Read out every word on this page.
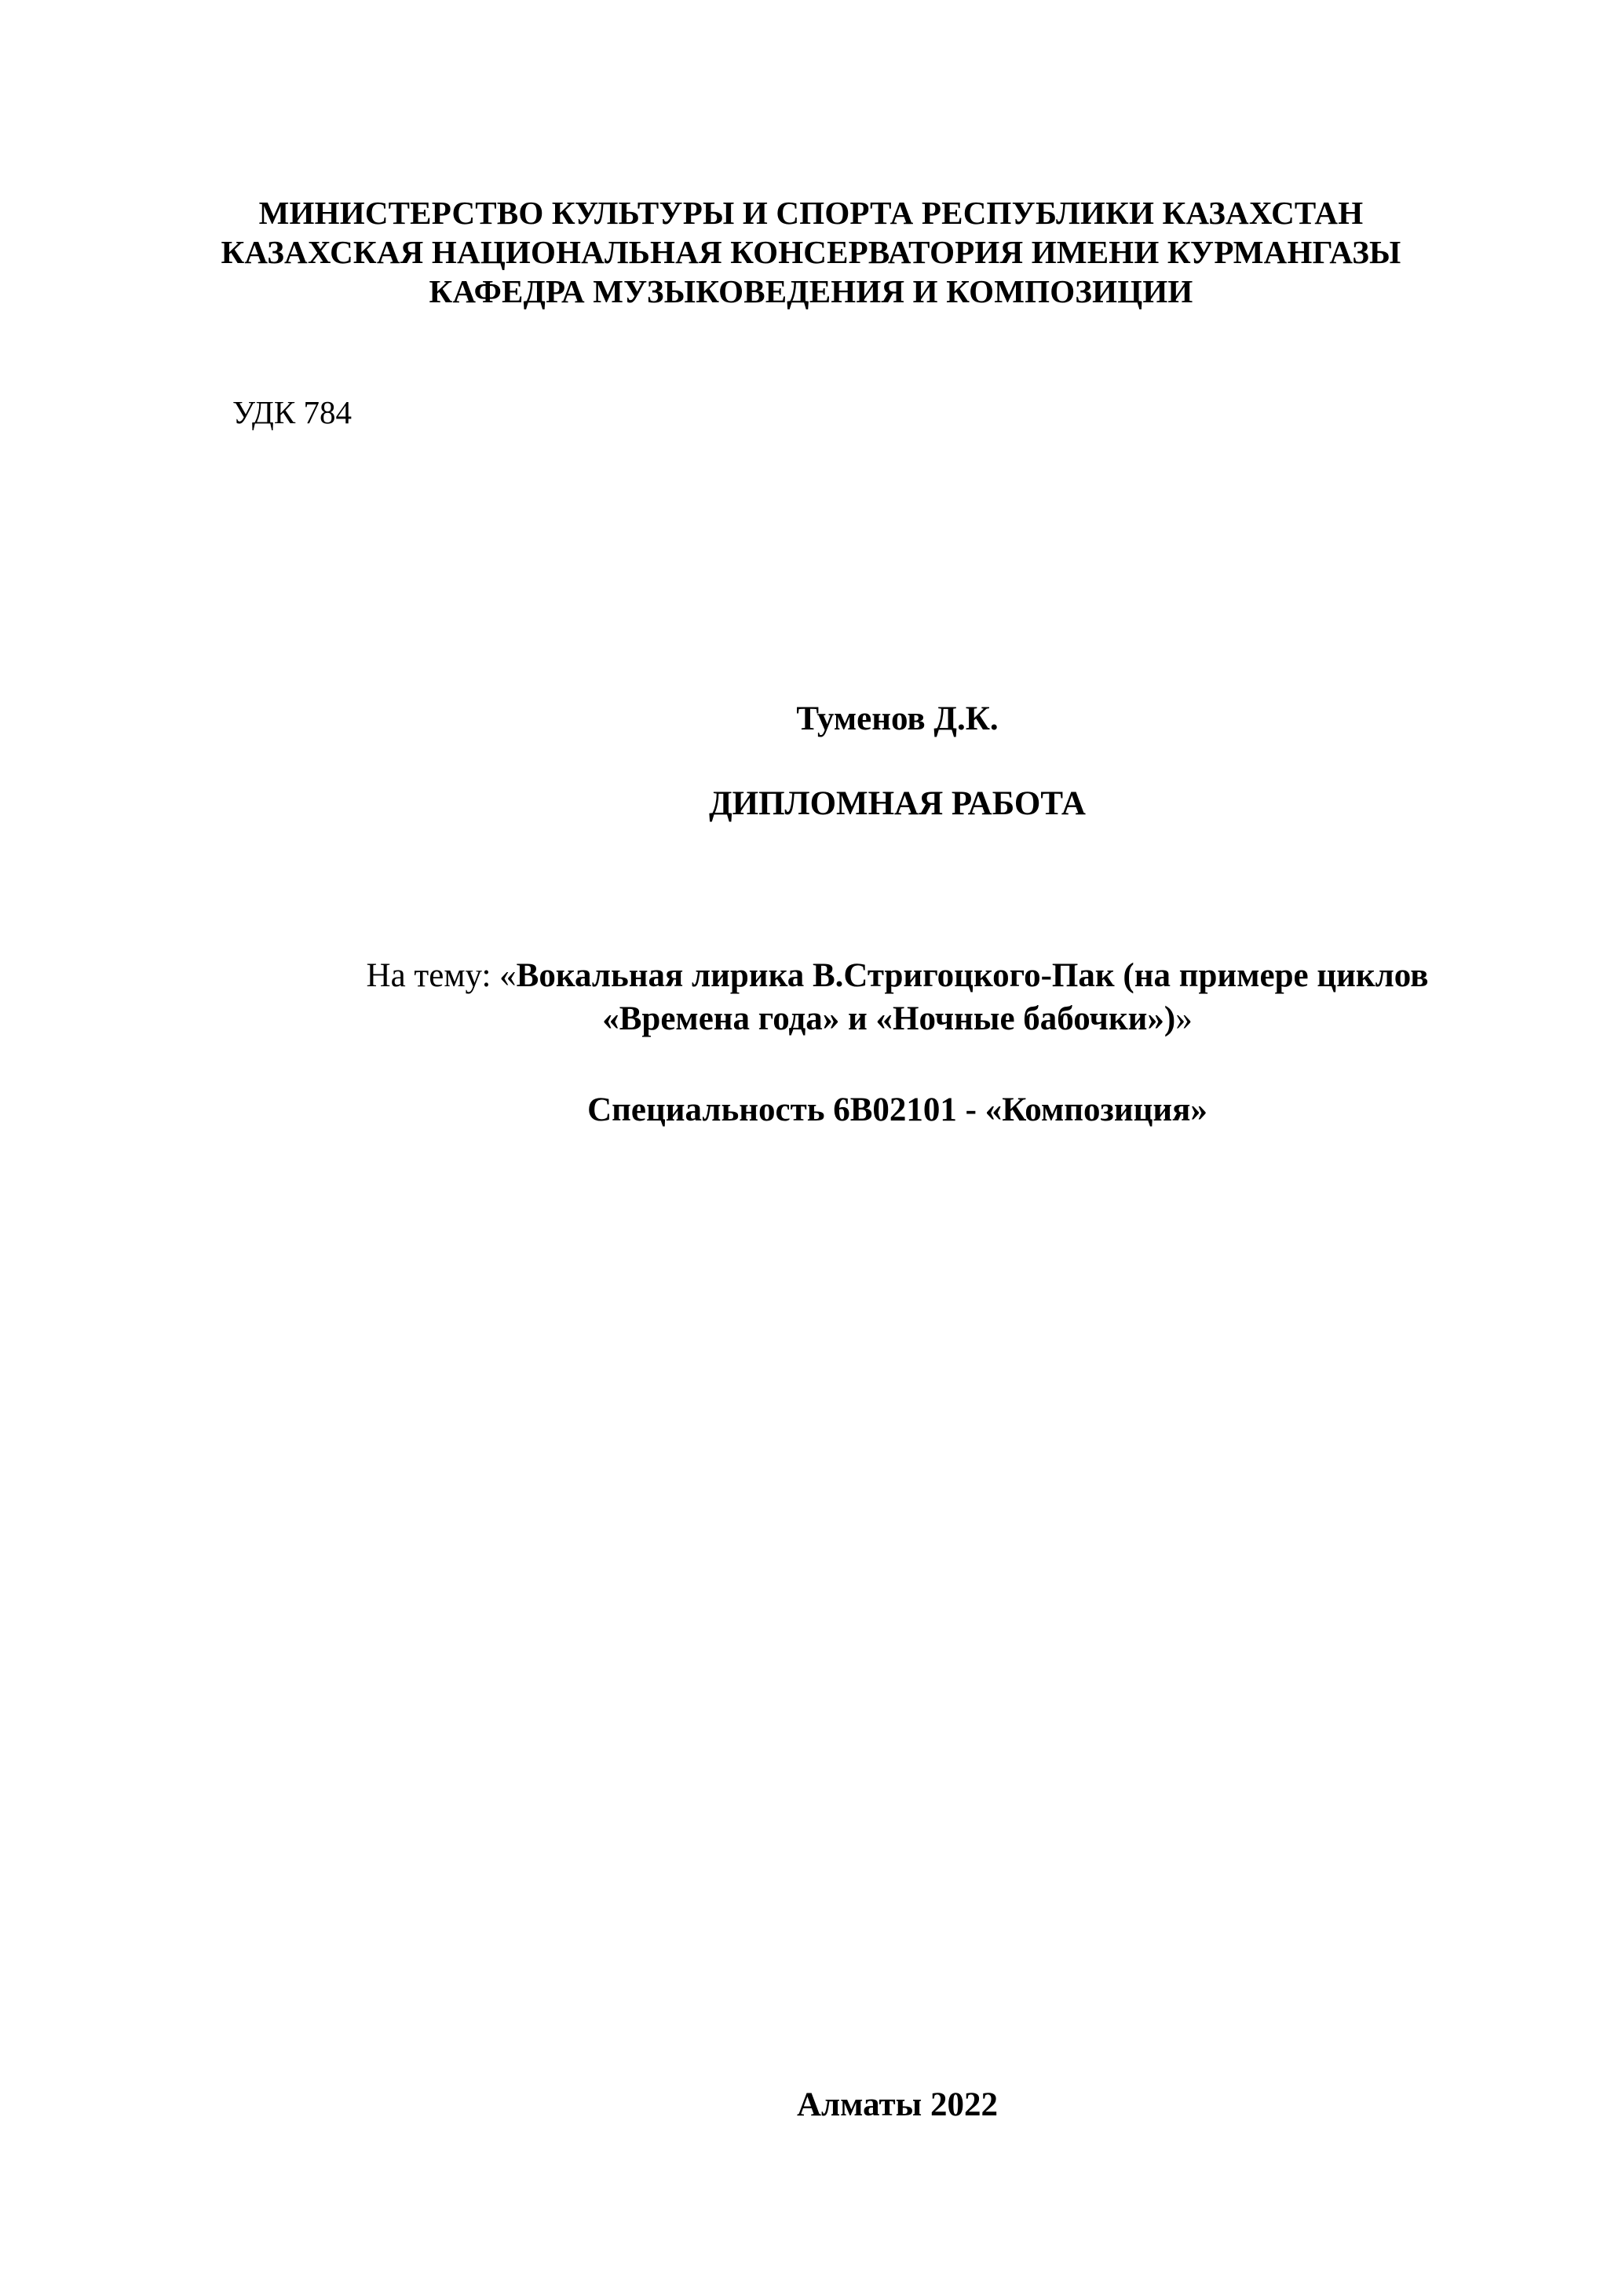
МИНИСТЕРСТВО КУЛЬТУРЫ И СПОРТА РЕСПУБЛИКИ КАЗАХСТАН
КАЗАХСКАЯ НАЦИОНАЛЬНАЯ КОНСЕРВАТОРИЯ ИМЕНИ КУРМАНГАЗЫ
КАФЕДРА МУЗЫКОВЕДЕНИЯ И КОМПОЗИЦИИ
УДК 784
Туменов Д.К.
ДИПЛОМНАЯ РАБОТА
На тему: «Вокальная лирика В.Стригоцкого-Пак (на примере циклов
«Времена года» и «Ночные бабочки»)»
Специальность 6В02101 - «Композиция»
Алматы 2022
